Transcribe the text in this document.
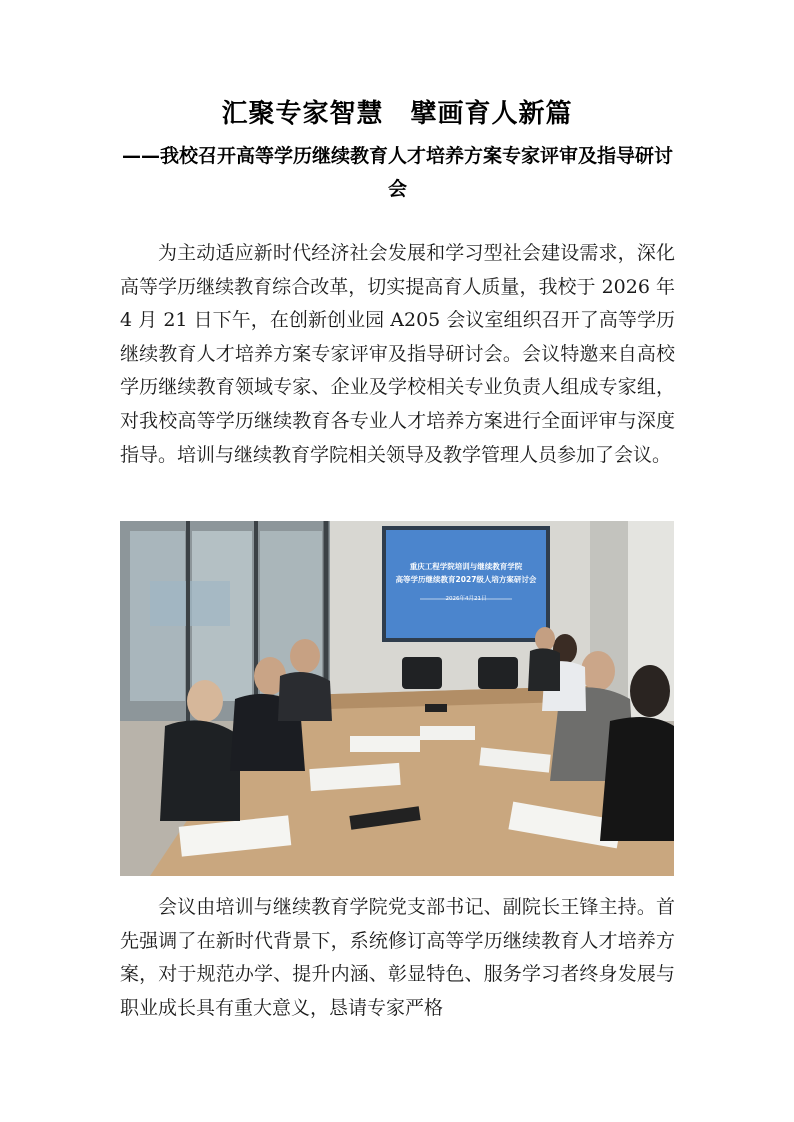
汇聚专家智慧　擘画育人新篇
——我校召开高等学历继续教育人才培养方案专家评审及指导研讨会

为主动适应新时代经济社会发展和学习型社会建设需求，深化高等学历继续教育综合改革，切实提高育人质量，我校于 2026 年 4 月 21 日下午，在创新创业园 A205 会议室组织召开了高等学历继续教育人才培养方案专家评审及指导研讨会。会议特邀来自高校学历继续教育领域专家、企业及学校相关专业负责人组成专家组，对我校高等学历继续教育各专业人才培养方案进行全面评审与深度指导。培训与继续教育学院相关领导及教学管理人员参加了会议。

重庆工程学院培训与继续教育学院
高等学历继续教育2027级人培方案研讨会
2026年4月21日

会议由培训与继续教育学院党支部书记、副院长王锋主持。首先强调了在新时代背景下，系统修订高等学历继续教育人才培养方案，对于规范办学、提升内涵、彰显特色、服务学习者终身发展与职业成长具有重大意义，恳请专家严格
